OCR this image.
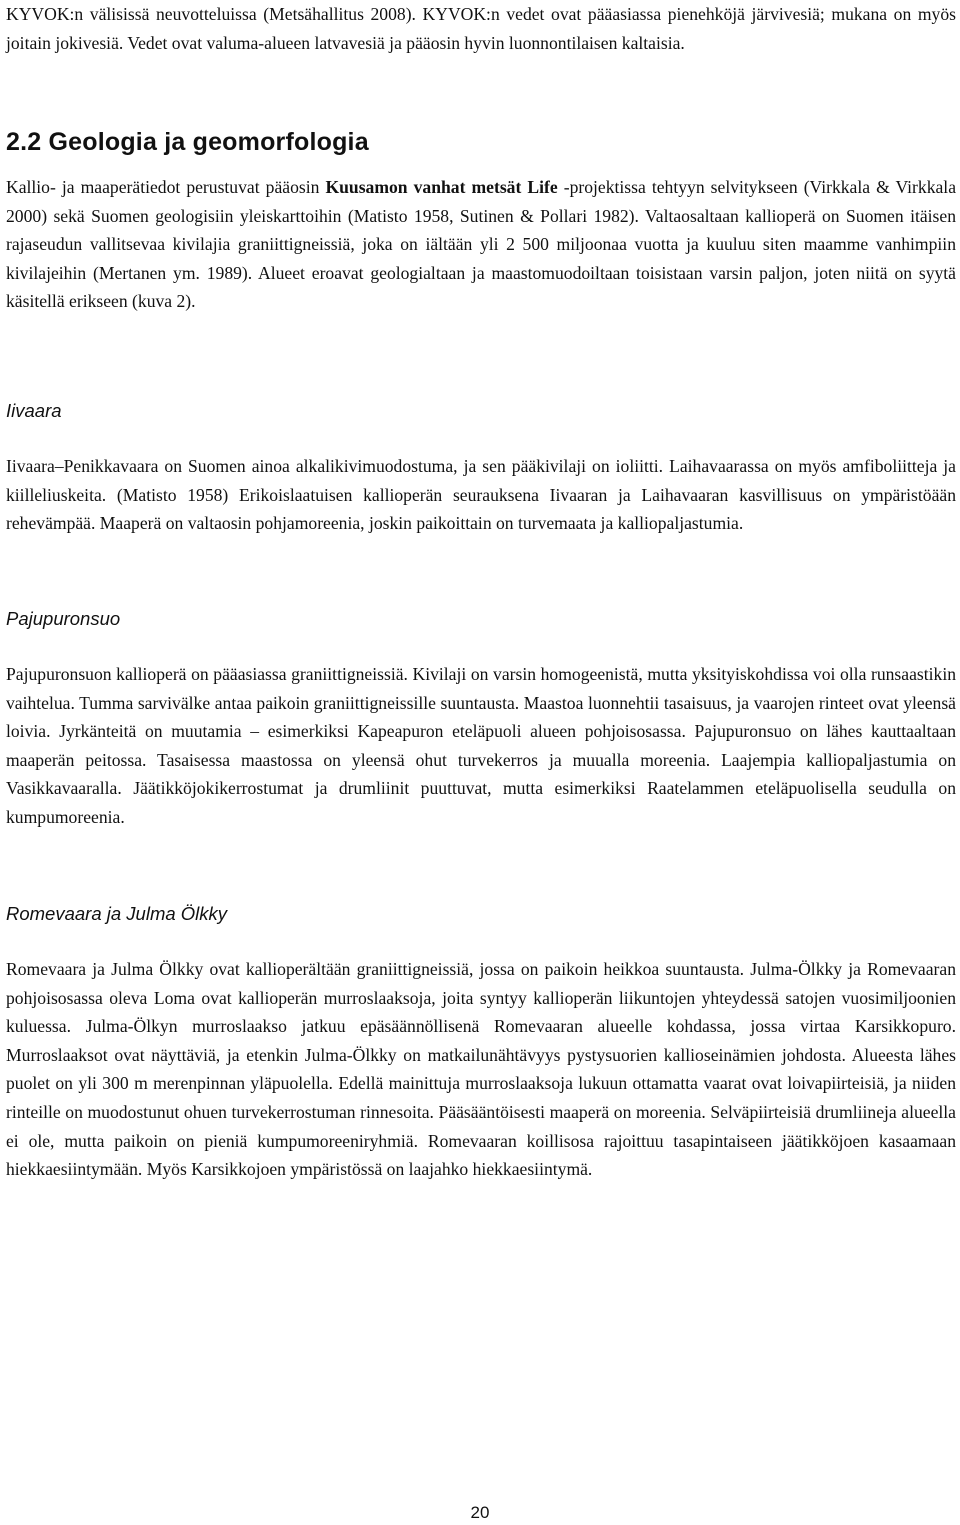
KYVOK:n välisissä neuvotteluissa (Metsähallitus 2008). KYVOK:n vedet ovat pääasiassa pienehköjä järvivesiä; mukana on myös joitain jokivesiä. Vedet ovat valuma-alueen latvavesiä ja pääosin hyvin luonnontilaisen kaltaisia.

2.2 Geologia ja geomorfologia

Kallio- ja maaperätiedot perustuvat pääosin Kuusamon vanhat metsät Life -projektissa tehtyyn selvitykseen (Virkkala & Virkkala 2000) sekä Suomen geologisiin yleiskarttoihin (Matisto 1958, Sutinen & Pollari 1982). Valtaosaltaan kallioperä on Suomen itäisen rajaseudun vallitsevaa kivilajia graniittigneissiä, joka on iältään yli 2 500 miljoonaa vuotta ja kuuluu siten maamme vanhimpiin kivilajeihin (Mertanen ym. 1989). Alueet eroavat geologialtaan ja maastomuodoiltaan toisistaan varsin paljon, joten niitä on syytä käsitellä erikseen (kuva 2).

Iivaara

Iivaara–Penikkavaara on Suomen ainoa alkalikivimuodostuma, ja sen pääkivilaji on ioliitti. Laihavaarassa on myös amfiboliitteja ja kiilleliuskeita. (Matisto 1958) Erikoislaatuisen kallioperän seurauksena Iivaaran ja Laihavaaran kasvillisuus on ympäristöään rehevämpää. Maaperä on valtaosin pohjamoreenia, joskin paikoittain on turvemaata ja kalliopaljastumia.

Pajupuronsuo

Pajupuronsuon kallioperä on pääasiassa graniittigneissiä. Kivilaji on varsin homogeenistä, mutta yksityiskohdissa voi olla runsaastikin vaihtelua. Tumma sarvivälke antaa paikoin graniittigneissille suuntausta. Maastoa luonnehtii tasaisuus, ja vaarojen rinteet ovat yleensä loivia. Jyrkänteitä on muutamia – esimerkiksi Kapeapuron eteläpuoli alueen pohjoisosassa. Pajupuronsuo on lähes kauttaaltaan maaperän peitossa. Tasaisessa maastossa on yleensä ohut turvekerros ja muualla moreenia. Laajempia kalliopaljastumia on Vasikkavaaralla. Jäätikköjokikerrostumat ja drumliinit puuttuvat, mutta esimerkiksi Raatelammen eteläpuolisella seudulla on kumpumoreenia.

Romevaara ja Julma Ölkky

Romevaara ja Julma Ölkky ovat kallioperältään graniittigneissiä, jossa on paikoin heikkoa suuntausta. Julma-Ölkky ja Romevaaran pohjoisosassa oleva Loma ovat kallioperän murroslaaksoja, joita syntyy kallioperän liikuntojen yhteydessä satojen vuosimiljoonien kuluessa. Julma-Ölkyn murroslaakso jatkuu epäsäännöllisenä Romevaaran alueelle kohdassa, jossa virtaa Karsikkopuro. Murroslaaksot ovat näyttäviä, ja etenkin Julma-Ölkky on matkailunähtävyys pystysuorien kallioseinämien johdosta. Alueesta lähes puolet on yli 300 m merenpinnan yläpuolella. Edellä mainittuja murroslaaksoja lukuun ottamatta vaarat ovat loivapiirteisiä, ja niiden rinteille on muodostunut ohuen turvekerrostuman rinnesoita. Pääsääntöisesti maaperä on moreenia. Selväpiirteisiä drumliineja alueella ei ole, mutta paikoin on pieniä kumpumoreeniryhmiä. Romevaaran koillisosa rajoittuu tasapintaiseen jäätikköjoen kasaamaan hiekkaesiintymään. Myös Karsikkojoen ympäristössä on laajahko hiekkaesiintymä.

20
